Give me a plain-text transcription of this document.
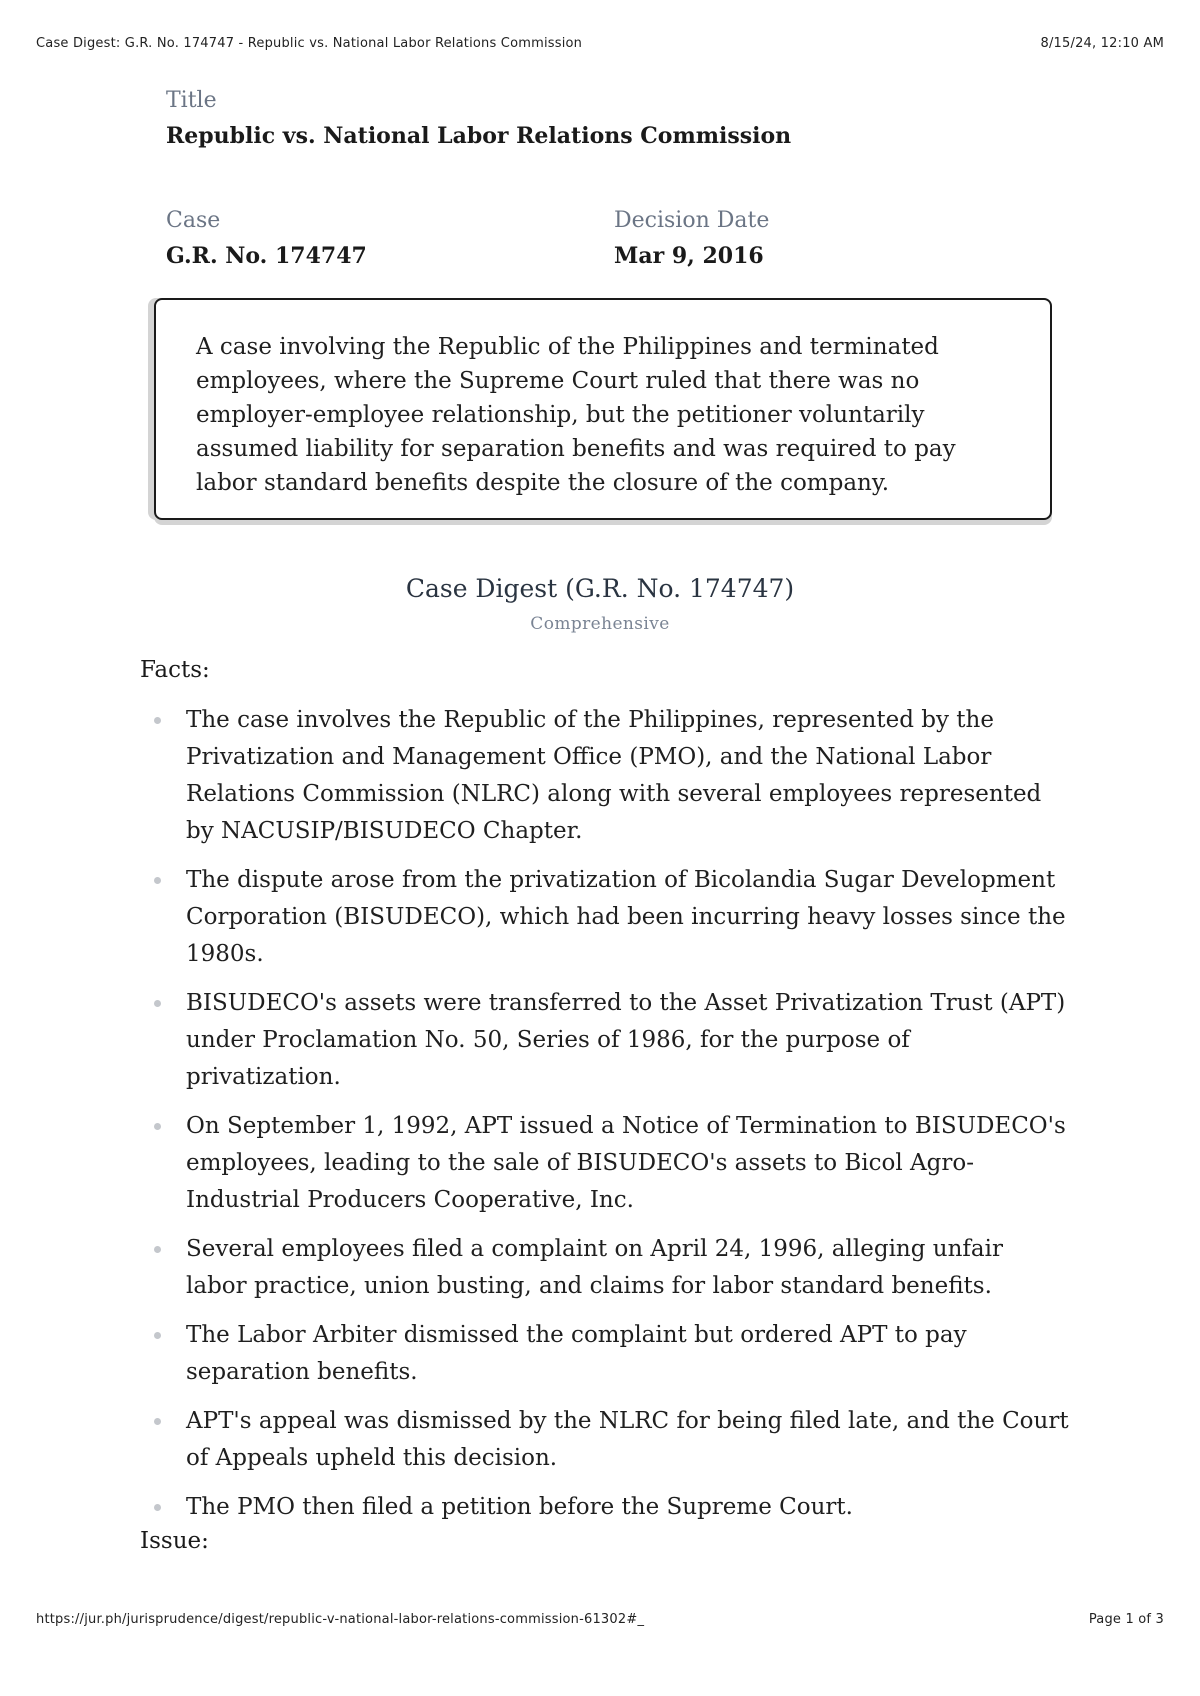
Case Digest: G.R. No. 174747 - Republic vs. National Labor Relations Commission	8/15/24, 12:10 AM
Title
Republic vs. National Labor Relations Commission
Case
G.R. No. 174747
Decision Date
Mar 9, 2016
A case involving the Republic of the Philippines and terminated employees, where the Supreme Court ruled that there was no employer-employee relationship, but the petitioner voluntarily assumed liability for separation benefits and was required to pay labor standard benefits despite the closure of the company.
Case Digest (G.R. No. 174747)
Comprehensive
Facts:
The case involves the Republic of the Philippines, represented by the Privatization and Management Office (PMO), and the National Labor Relations Commission (NLRC) along with several employees represented by NACUSIP/BISUDECO Chapter.
The dispute arose from the privatization of Bicolandia Sugar Development Corporation (BISUDECO), which had been incurring heavy losses since the 1980s.
BISUDECO's assets were transferred to the Asset Privatization Trust (APT) under Proclamation No. 50, Series of 1986, for the purpose of privatization.
On September 1, 1992, APT issued a Notice of Termination to BISUDECO's employees, leading to the sale of BISUDECO's assets to Bicol Agro-Industrial Producers Cooperative, Inc.
Several employees filed a complaint on April 24, 1996, alleging unfair labor practice, union busting, and claims for labor standard benefits.
The Labor Arbiter dismissed the complaint but ordered APT to pay separation benefits.
APT's appeal was dismissed by the NLRC for being filed late, and the Court of Appeals upheld this decision.
The PMO then filed a petition before the Supreme Court.
Issue:
https://jur.ph/jurisprudence/digest/republic-v-national-labor-relations-commission-61302#_	Page 1 of 3
